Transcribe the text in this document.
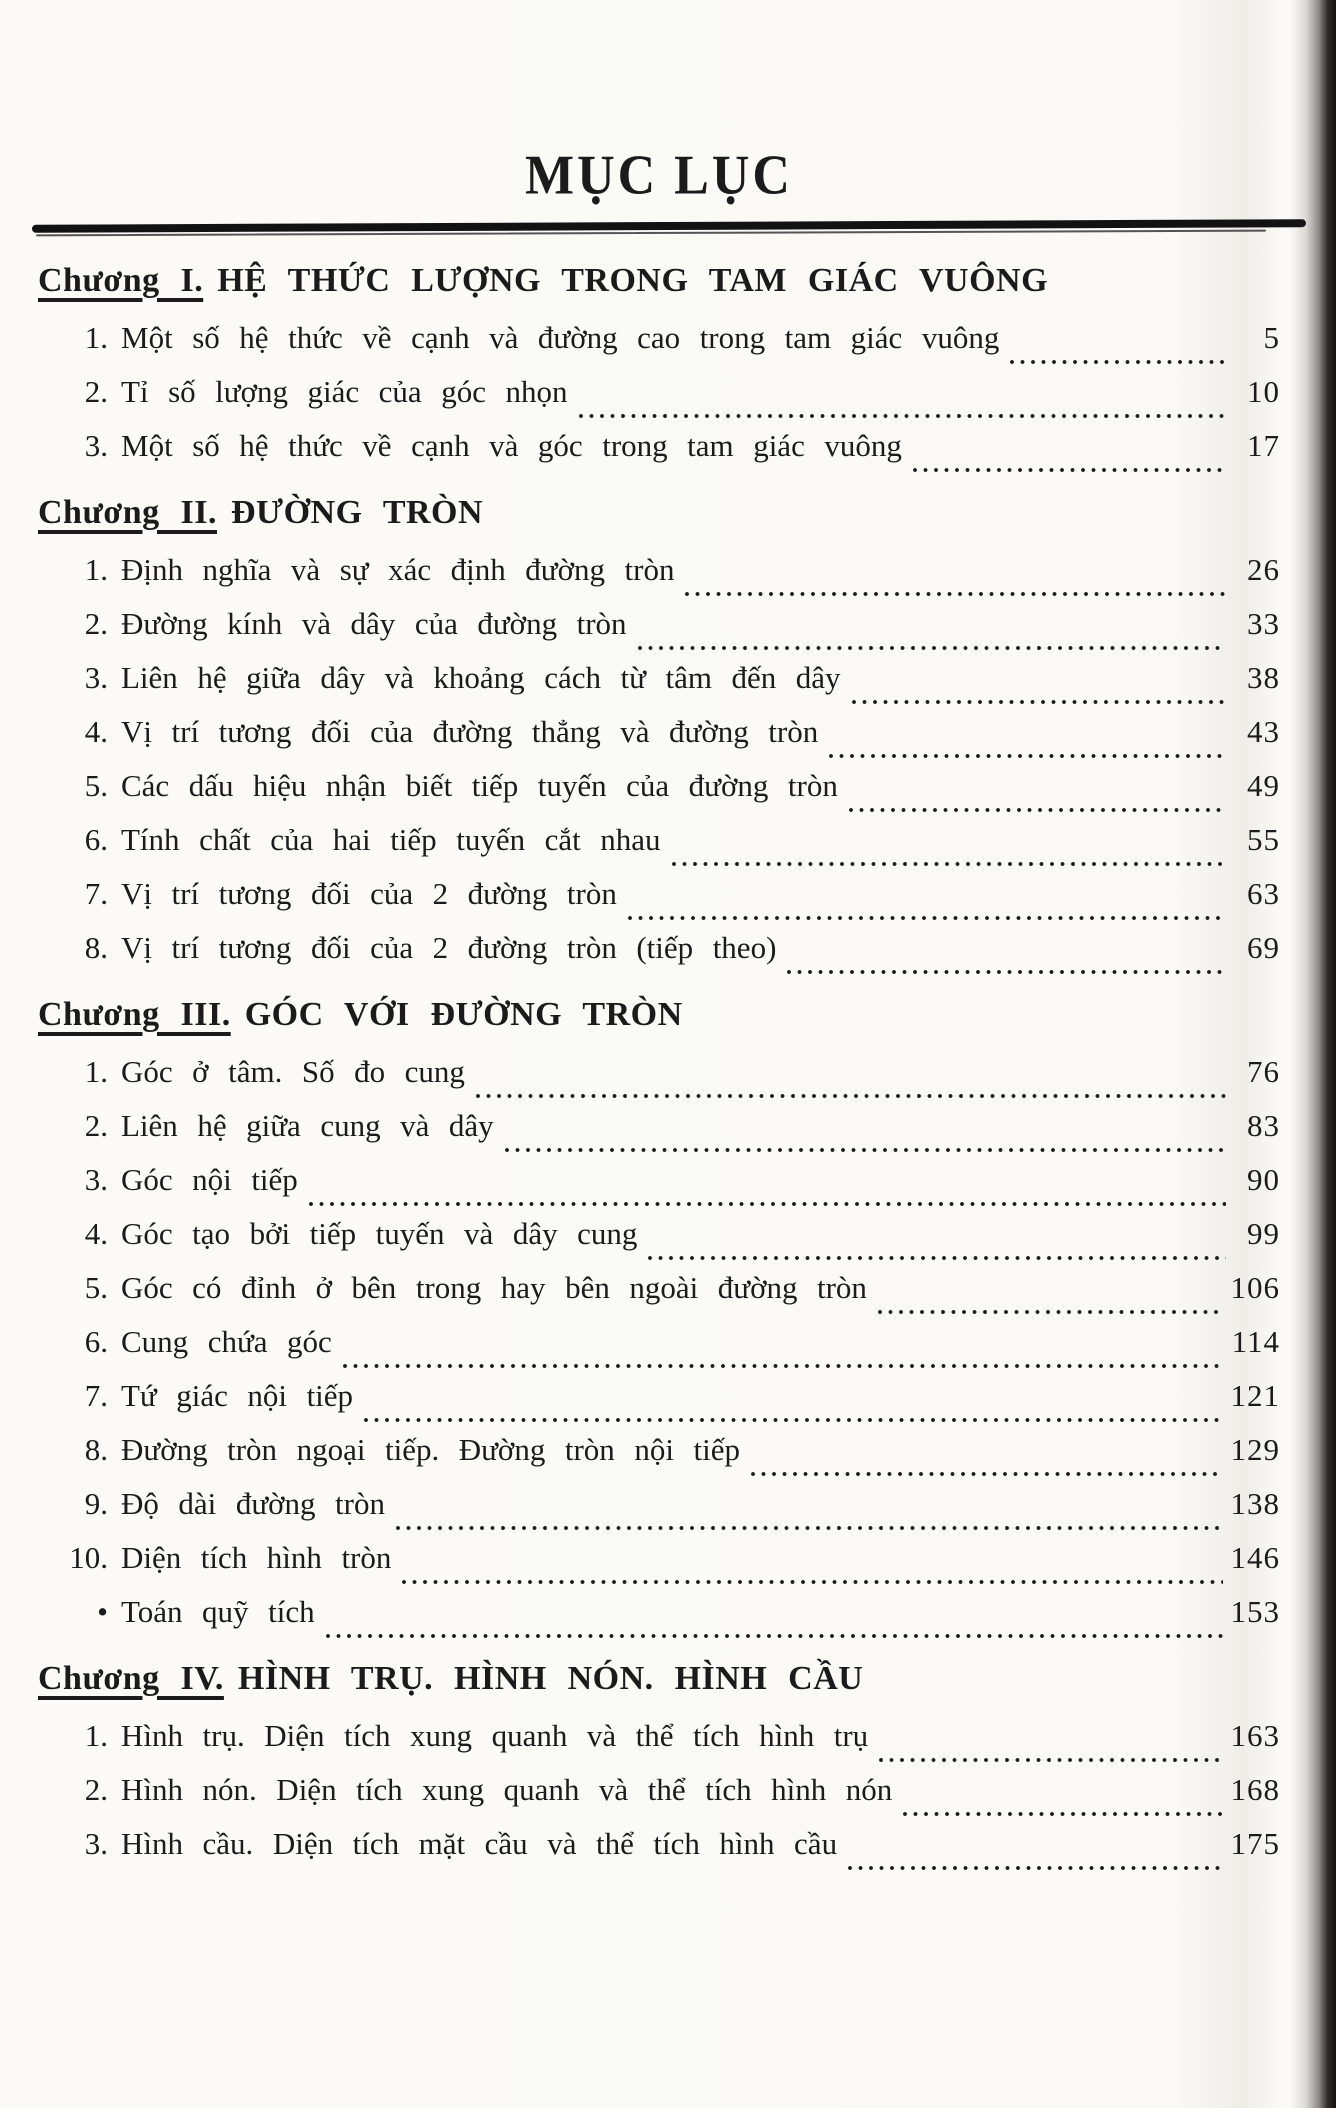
MỤC LỤC
Chương I. HỆ THỨC LƯỢNG TRONG TAM GIÁC VUÔNG
1. Một số hệ thức về cạnh và đường cao trong tam giác vuông	5
2. Tỉ số lượng giác của góc nhọn	10
3. Một số hệ thức về cạnh và góc trong tam giác vuông	17
Chương II. ĐƯỜNG TRÒN
1. Định nghĩa và sự xác định đường tròn	26
2. Đường kính và dây của đường tròn	33
3. Liên hệ giữa dây và khoảng cách từ tâm đến dây	38
4. Vị trí tương đối của đường thẳng và đường tròn	43
5. Các dấu hiệu nhận biết tiếp tuyến của đường tròn	49
6. Tính chất của hai tiếp tuyến cắt nhau	55
7. Vị trí tương đối của 2 đường tròn	63
8. Vị trí tương đối của 2 đường tròn (tiếp theo)	69
Chương III. GÓC VỚI ĐƯỜNG TRÒN
1. Góc ở tâm. Số đo cung	76
2. Liên hệ giữa cung và dây	83
3. Góc nội tiếp	90
4. Góc tạo bởi tiếp tuyến và dây cung	99
5. Góc có đỉnh ở bên trong hay bên ngoài đường tròn	106
6. Cung chứa góc	114
7. Tứ giác nội tiếp	121
8. Đường tròn ngoại tiếp. Đường tròn nội tiếp	129
9. Độ dài đường tròn	138
10. Diện tích hình tròn	146
• Toán quỹ tích	153
Chương IV. HÌNH TRỤ. HÌNH NÓN. HÌNH CẦU
1. Hình trụ. Diện tích xung quanh và thể tích hình trụ	163
2. Hình nón. Diện tích xung quanh và thể tích hình nón	168
3. Hình cầu. Diện tích mặt cầu và thể tích hình cầu	175
